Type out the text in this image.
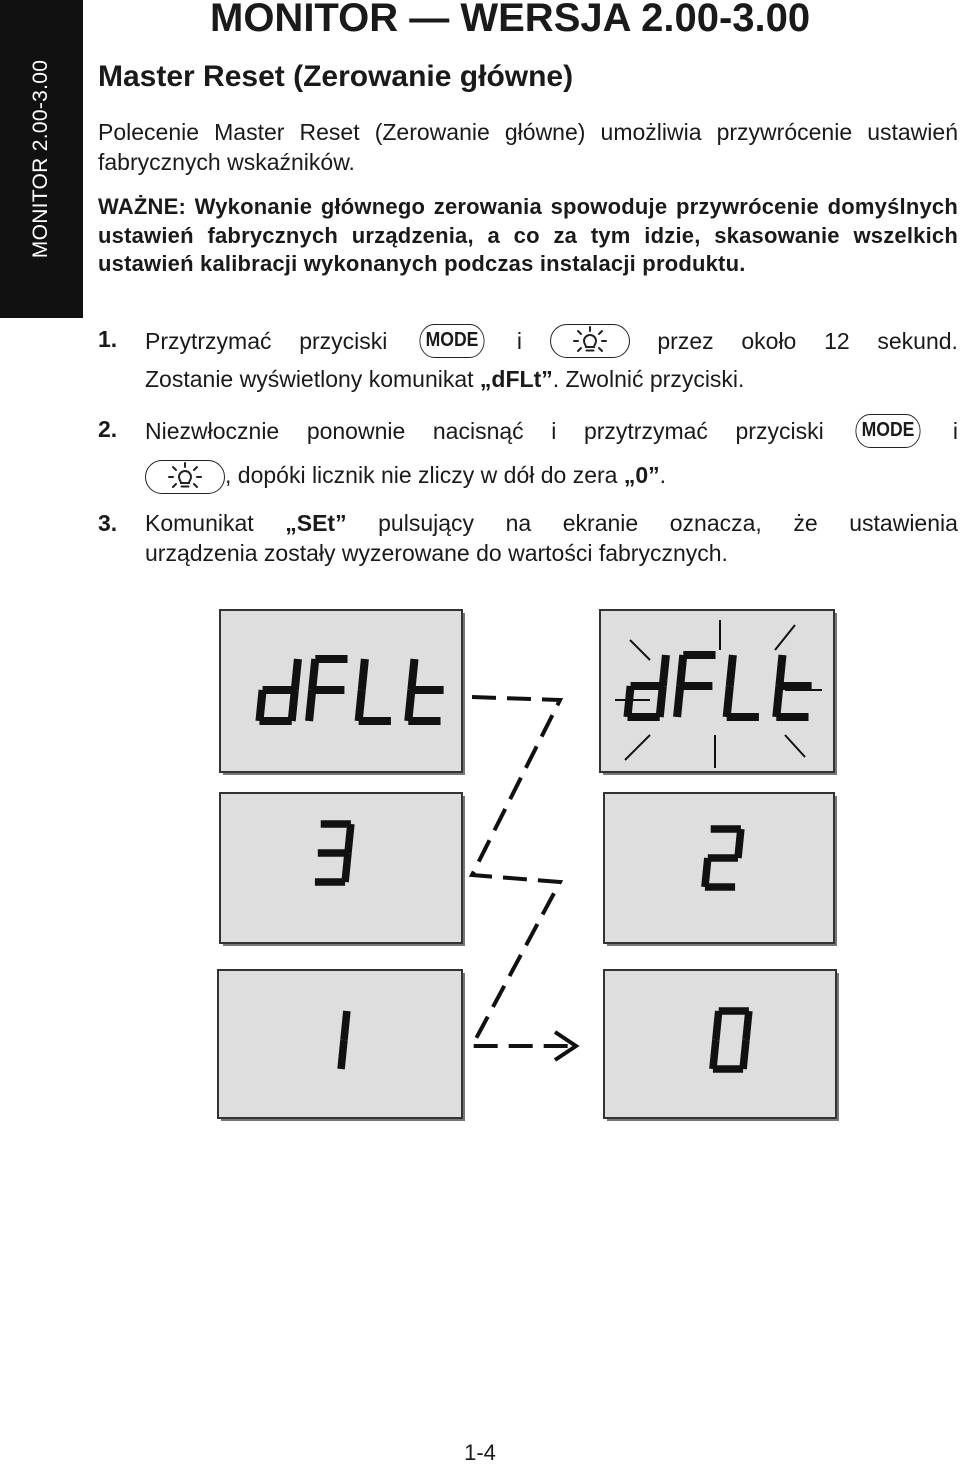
MONITOR 2.00-3.00
MONITOR — WERSJA 2.00-3.00
Master Reset (Zerowanie główne)

Polecenie Master Reset (Zerowanie główne) umożliwia przywrócenie ustawień fabrycznych wskaźników.

WAŻNE: Wykonanie głównego zerowania spowoduje przywrócenie domyślnych ustawień fabrycznych urządzenia, a co za tym idzie, skasowanie wszelkich ustawień kalibracji wykonanych podczas instalacji produktu.

1. Przytrzymać przyciski	MODE i	przez około 12 sekund.
Zostanie wyświetlony komunikat „dFLt”. Zwolnić przyciski.
2. Niezwłocznie ponownie nacisnąć i przytrzymać przyciski	MODE i
, dopóki licznik nie zliczy w dół do zera „0”.
3. Komunikat „SEt” pulsujący na ekranie oznacza, że ustawienia
urządzenia zostały wyzerowane do wartości fabrycznych.
1-4
